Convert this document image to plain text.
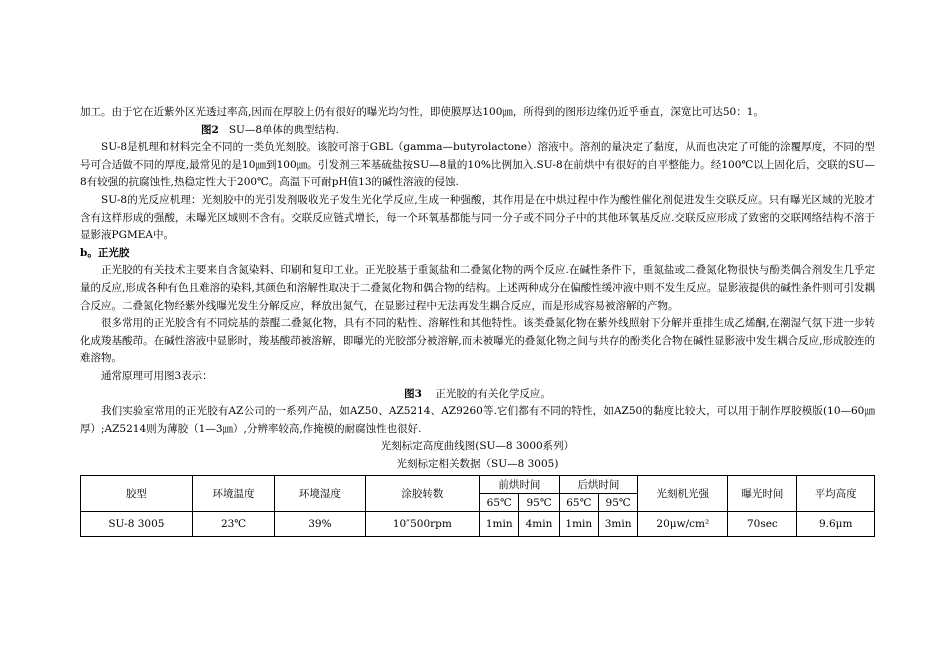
加工。由于它在近紫外区光透过率高,因而在厚胶上仍有很好的曝光均匀性，即使膜厚达100㎛，所得到的图形边缘仍近乎垂直，深宽比可达50：1。

图2 SU—8单体的典型结构.

SU-8是机理和材料完全不同的一类负光刻胶。该胶可溶于GBL（gamma—butyrolactone）溶液中。溶剂的量决定了黏度，从而也决定了可能的涂覆厚度，不同的型号可合适做不同的厚度,最常见的是10㎛到100㎛。引发剂三苯基硫盐按SU—8量的10%比例加入.SU-8在前烘中有很好的自平整能力。经100℃以上固化后，交联的SU—8有较强的抗腐蚀性,热稳定性大于200℃。高温下可耐pH值13的碱性溶液的侵蚀.

SU-8的光反应机理：光刻胶中的光引发剂吸收光子发生光化学反应,生成一种强酸，其作用是在中烘过程中作为酸性催化剂促进发生交联反应。只有曝光区域的光胶才含有这样形成的强酸，未曝光区域则不含有。交联反应链式增长，每一个环氧基都能与同一分子或不同分子中的其他环氧基反应.交联反应形成了致密的交联网络结构不溶于显影液PGMEA中。

b。正光胶

正光胶的有关技术主要来自含氮染料、印刷和复印工业。正光胶基于重氮盐和二叠氮化物的两个反应.在碱性条件下，重氮盐或二叠氮化物很快与酚类偶合剂发生几乎定量的反应,形成各种有色且难溶的染料,其颜色和溶解性取决于二叠氮化物和偶合物的结构。上述两种成分在偏酸性缓冲液中则不发生反应。显影液提供的碱性条件则可引发耦合反应。二叠氮化物经紫外线曝光发生分解反应，释放出氮气，在显影过程中无法再发生耦合反应，而是形成容易被溶解的产物。

很多常用的正光胶含有不同烷基的萘醌二叠氮化物，具有不同的粘性、溶解性和其他特性。该类叠氮化物在紫外线照射下分解并重排生成乙烯酮,在潮湿气氛下进一步转化成羧基酸茚。在碱性溶液中显影时，羧基酸茚被溶解，即曝光的光胶部分被溶解,而未被曝光的叠氮化物之间与共存的酚类化合物在碱性显影液中发生耦合反应,形成胶连的难溶物。

通常原理可用图3表示：

图3 正光胶的有关化学反应。

我们实验室常用的正光胶有AZ公司的一系列产品，如AZ50、AZ5214、AZ9260等.它们都有不同的特性，如AZ50的黏度比较大，可以用于制作厚胶模版(10—60㎛厚）;AZ5214则为薄胶（1—3㎛）,分辨率较高,作掩模的耐腐蚀性也很好.

光刻标定高度曲线图(SU—8 3000系列）

光刻标定相关数据（SU—8 3005)

胶型	环境温度	环境湿度	涂胶转数	前烘时间		后烘时间		光刻机光强	曝光时间	平均高度
				65℃	95℃	65℃	95℃			
SU-8 3005	23℃	39%	10″500rpm	1min	4min	1min	3min	20μw/cm²	70sec	9.6μm
